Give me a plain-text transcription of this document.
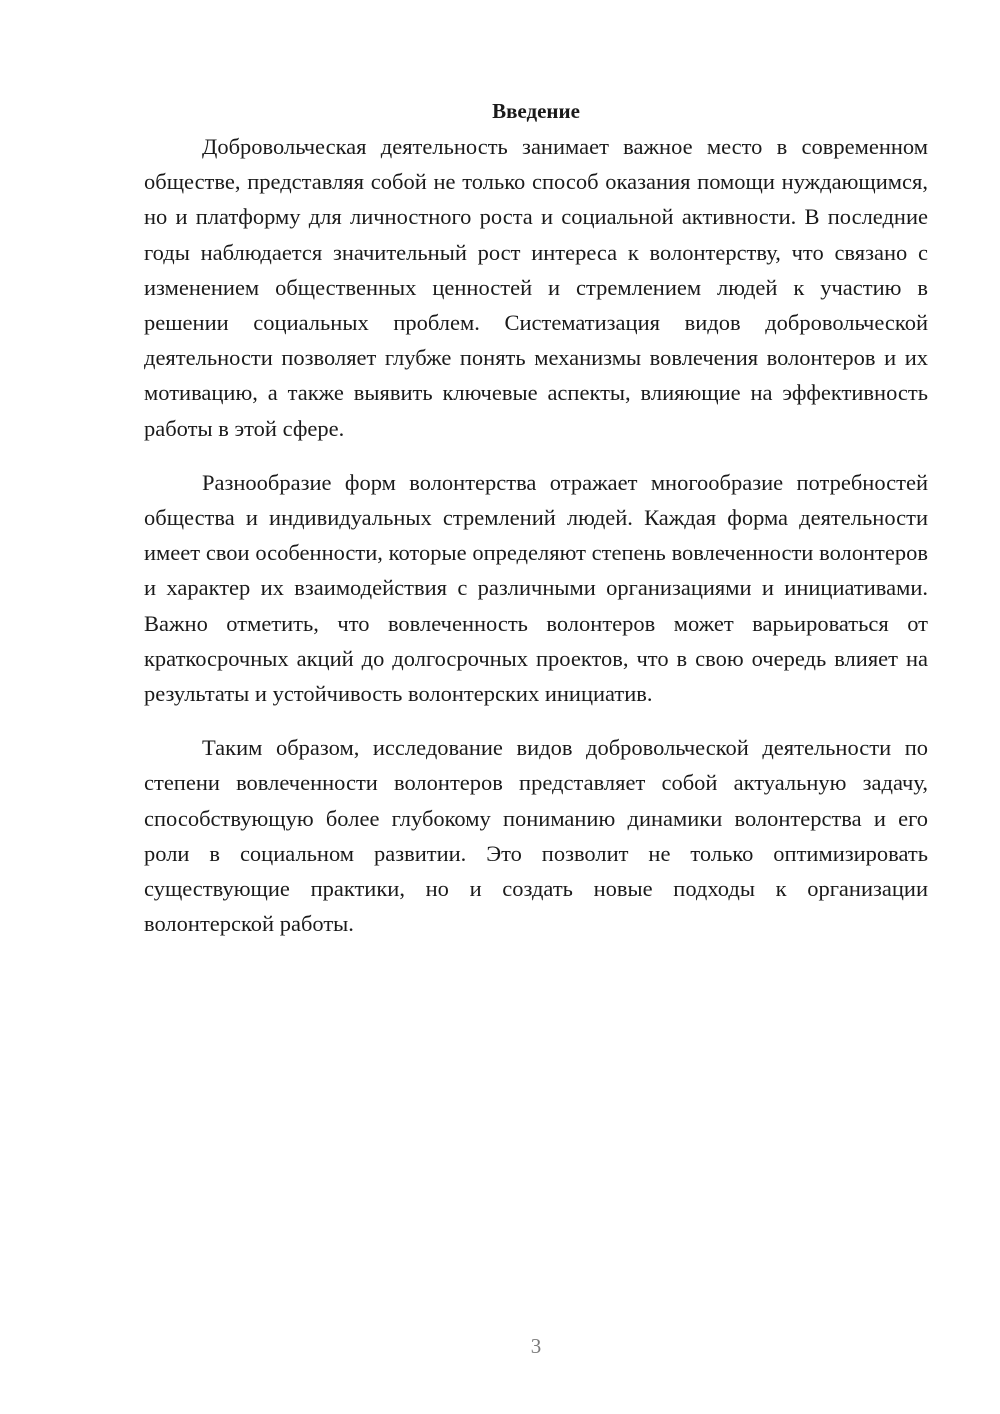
Введение

Добровольческая деятельность занимает важное место в современном обществе, представляя собой не только способ оказания помощи нуждающимся, но и платформу для личностного роста и социальной активности. В последние годы наблюдается значительный рост интереса к волонтерству, что связано с изменением общественных ценностей и стремлением людей к участию в решении социальных проблем. Систематизация видов добровольческой деятельности позволяет глубже понять механизмы вовлечения волонтеров и их мотивацию, а также выявить ключевые аспекты, влияющие на эффективность работы в этой сфере.

Разнообразие форм волонтерства отражает многообразие потребностей общества и индивидуальных стремлений людей. Каждая форма деятельности имеет свои особенности, которые определяют степень вовлеченности волонтеров и характер их взаимодействия с различными организациями и инициативами. Важно отметить, что вовлеченность волонтеров может варьироваться от краткосрочных акций до долгосрочных проектов, что в свою очередь влияет на результаты и устойчивость волонтерских инициатив.

Таким образом, исследование видов добровольческой деятельности по степени вовлеченности волонтеров представляет собой актуальную задачу, способствующую более глубокому пониманию динамики волонтерства и его роли в социальном развитии. Это позволит не только оптимизировать существующие практики, но и создать новые подходы к организации волонтерской работы.

3
